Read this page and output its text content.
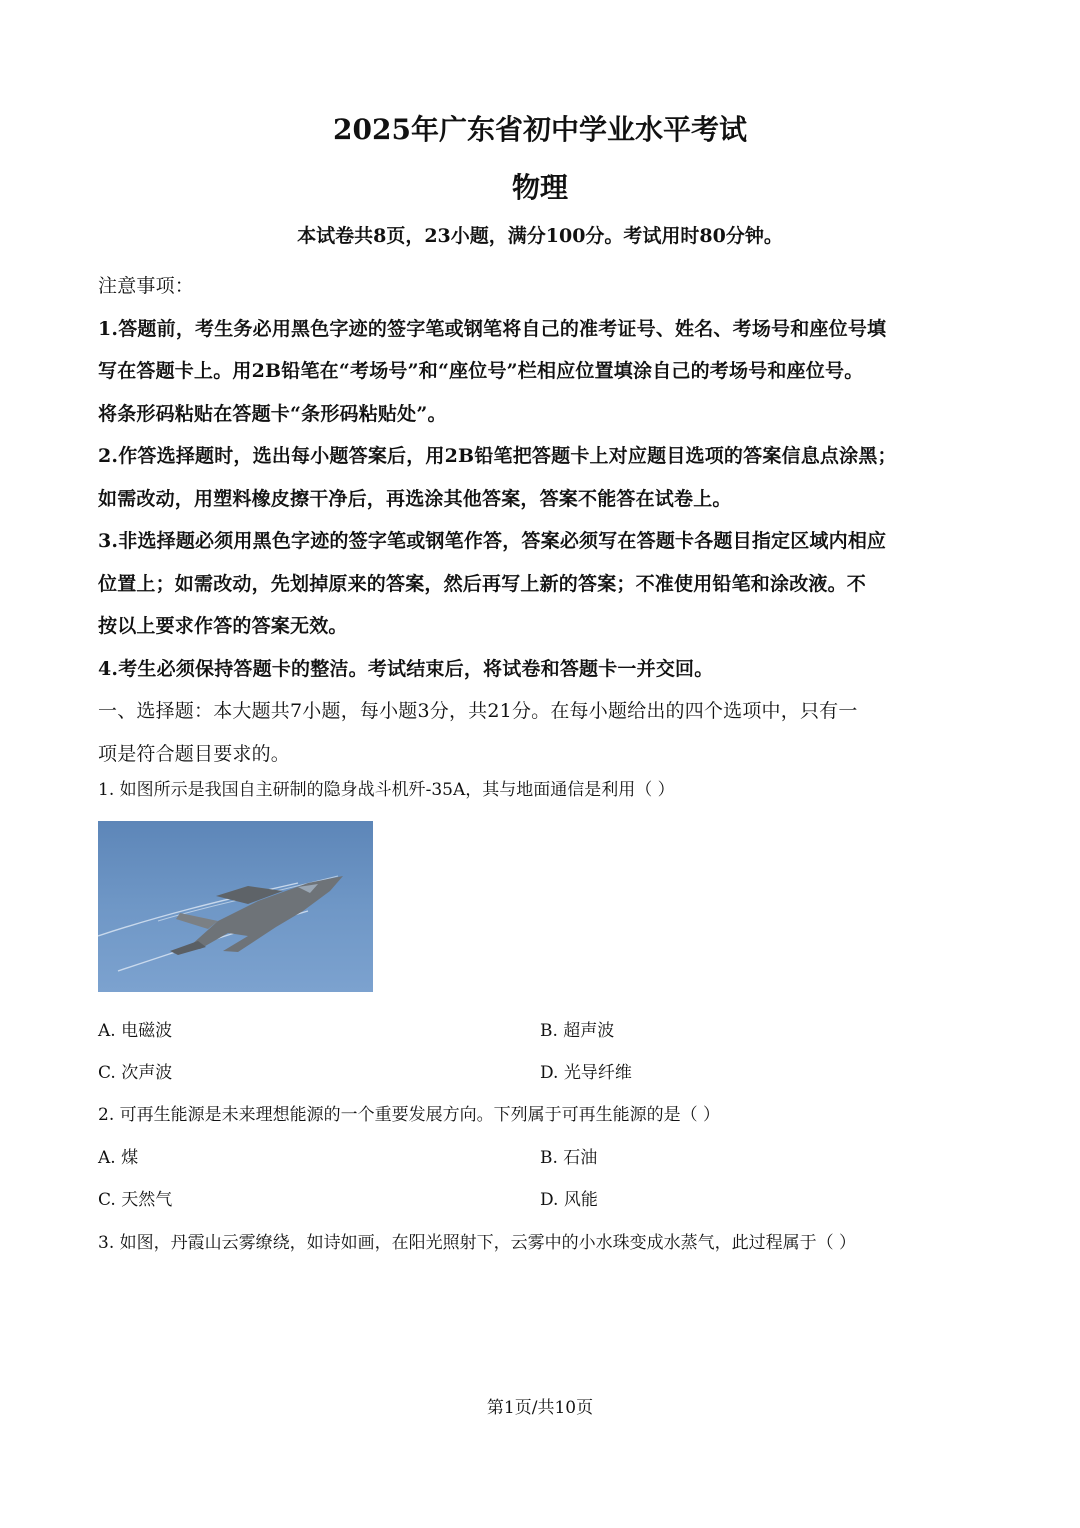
2025年广东省初中学业水平考试
物理
本试卷共8页，23小题，满分100分。考试用时80分钟。
注意事项：
1.答题前，考生务必用黑色字迹的签字笔或钢笔将自己的准考证号、姓名、考场号和座位号填
写在答题卡上。用2B铅笔在“考场号”和“座位号”栏相应位置填涂自己的考场号和座位号。
将条形码粘贴在答题卡“条形码粘贴处”。
2.作答选择题时，选出每小题答案后，用2B铅笔把答题卡上对应题目选项的答案信息点涂黑；
如需改动，用塑料橡皮擦干净后，再选涂其他答案，答案不能答在试卷上。
3.非选择题必须用黑色字迹的签字笔或钢笔作答，答案必须写在答题卡各题目指定区域内相应
位置上；如需改动，先划掉原来的答案，然后再写上新的答案；不准使用铅笔和涂改液。不
按以上要求作答的答案无效。
4.考生必须保持答题卡的整洁。考试结束后，将试卷和答题卡一并交回。
一、选择题：本大题共7小题，每小题3分，共21分。在每小题给出的四个选项中，只有一
项是符合题目要求的。
1. 如图所示是我国自主研制的隐身战斗机歼-35A，其与地面通信是利用（ ）
A. 电磁波	B. 超声波
C. 次声波	D. 光导纤维
2. 可再生能源是未来理想能源的一个重要发展方向。下列属于可再生能源的是（ ）
A. 煤	B. 石油
C. 天然气	D. 风能
3. 如图，丹霞山云雾缭绕，如诗如画，在阳光照射下，云雾中的小水珠变成水蒸气，此过程属于（ ）
第1页/共10页
